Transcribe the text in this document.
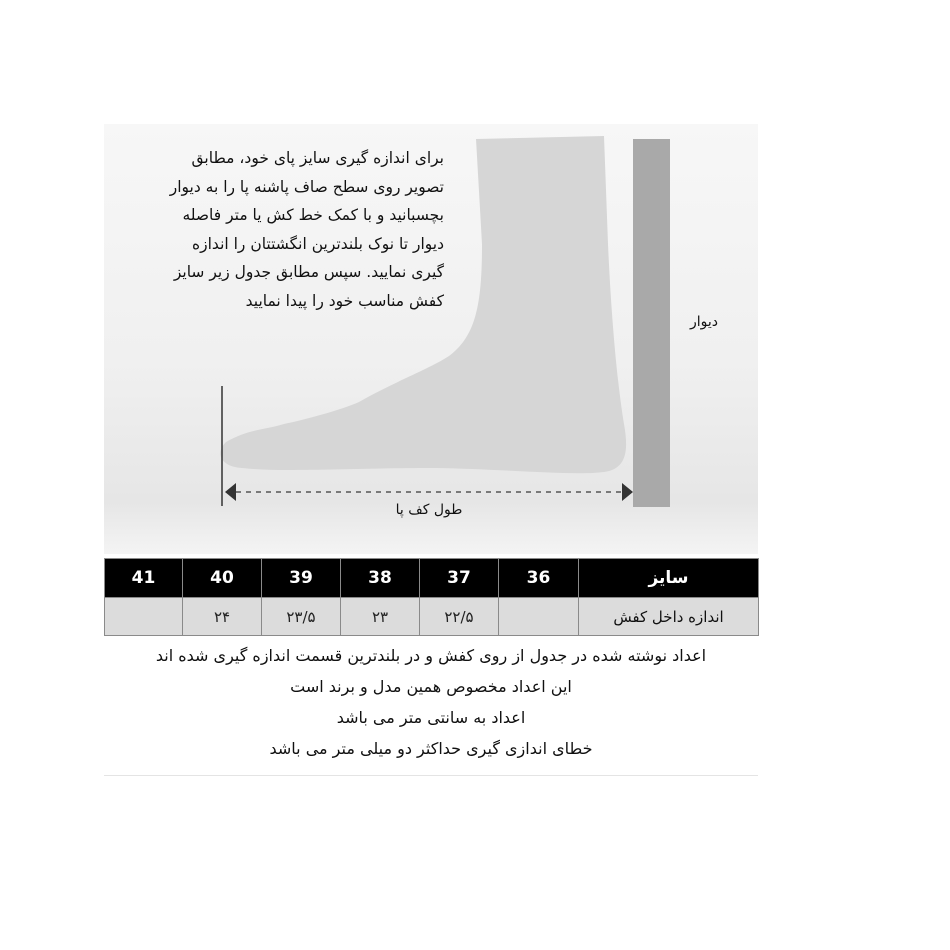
برای اندازه گیری سایز پای خود، مطابق
تصویر روی سطح صاف پاشنه پا را به دیوار
بچسبانید و با کمک خط کش یا متر فاصله
دیوار تا نوک بلندترین انگشتتان را اندازه
گیری نمایید. سپس مطابق جدول زیر سایز
کفش مناسب خود را پیدا نمایید
دیوار
طول کف پا
41	40	39	38	37	36	سایز
	۲۴	۲۳/۵	۲۳	۲۲/۵		اندازه داخل کفش
اعداد نوشته شده در جدول از روی کفش و در بلندترین قسمت اندازه گیری شده اند
این اعداد مخصوص همین مدل و برند است
اعداد به سانتی متر می باشد
خطای اندازی گیری حداکثر دو میلی متر می باشد
